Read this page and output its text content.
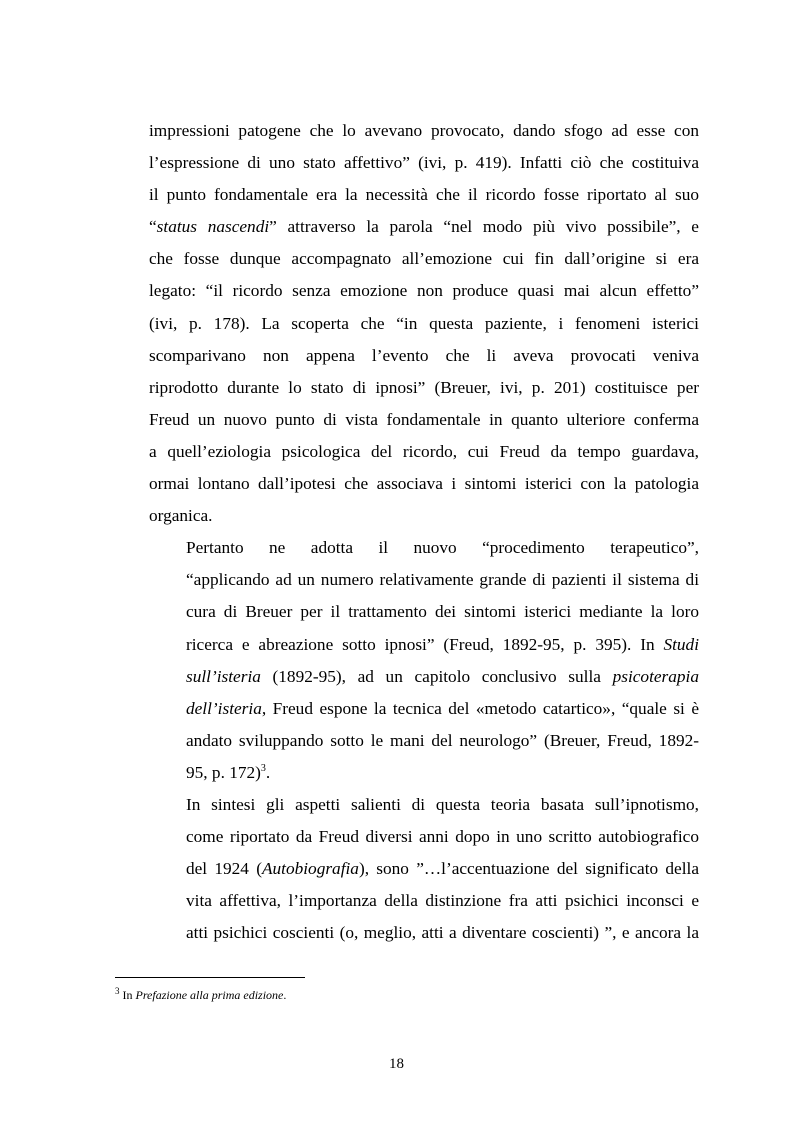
impressioni patogene che lo avevano provocato, dando sfogo ad esse con
l’espressione di uno stato affettivo” (ivi, p. 419). Infatti ciò che costituiva
il punto fondamentale era la necessità che il ricordo fosse riportato al suo
“status nascendi” attraverso la parola “nel modo più vivo possibile”, e
che fosse dunque accompagnato all’emozione cui fin dall’origine si era
legato: “il ricordo senza emozione non produce quasi mai alcun effetto”
(ivi, p. 178). La scoperta che “in questa paziente, i fenomeni isterici
scomparivano non appena l’evento che li aveva provocati veniva
riprodotto durante lo stato di ipnosi” (Breuer, ivi, p. 201) costituisce per
Freud un nuovo punto di vista fondamentale in quanto ulteriore conferma
a quell’eziologia psicologica del ricordo, cui Freud da tempo guardava,
ormai lontano dall’ipotesi che associava i sintomi isterici con la patologia
organica.

Pertanto ne adotta il nuovo “procedimento terapeutico”,
“applicando ad un numero relativamente grande di pazienti il sistema di
cura di Breuer per il trattamento dei sintomi isterici mediante la loro
ricerca e abreazione sotto ipnosi” (Freud, 1892-95, p. 395). In Studi
sull’isteria (1892-95), ad un capitolo conclusivo sulla psicoterapia
dell’isteria, Freud espone la tecnica del «metodo catartico», “quale si è
andato sviluppando sotto le mani del neurologo” (Breuer, Freud, 1892-
95, p. 172)$^3$.

In sintesi gli aspetti salienti di questa teoria basata sull’ipnotismo,
come riportato da Freud diversi anni dopo in uno scritto autobiografico
del 1924 (Autobiografia), sono ”…l’accentuazione del significato della
vita affettiva, l’importanza della distinzione fra atti psichici inconsci e
atti psichici coscienti (o, meglio, atti a diventare coscienti) ”, e ancora la

$^3$ In Prefazione alla prima edizione.
18
